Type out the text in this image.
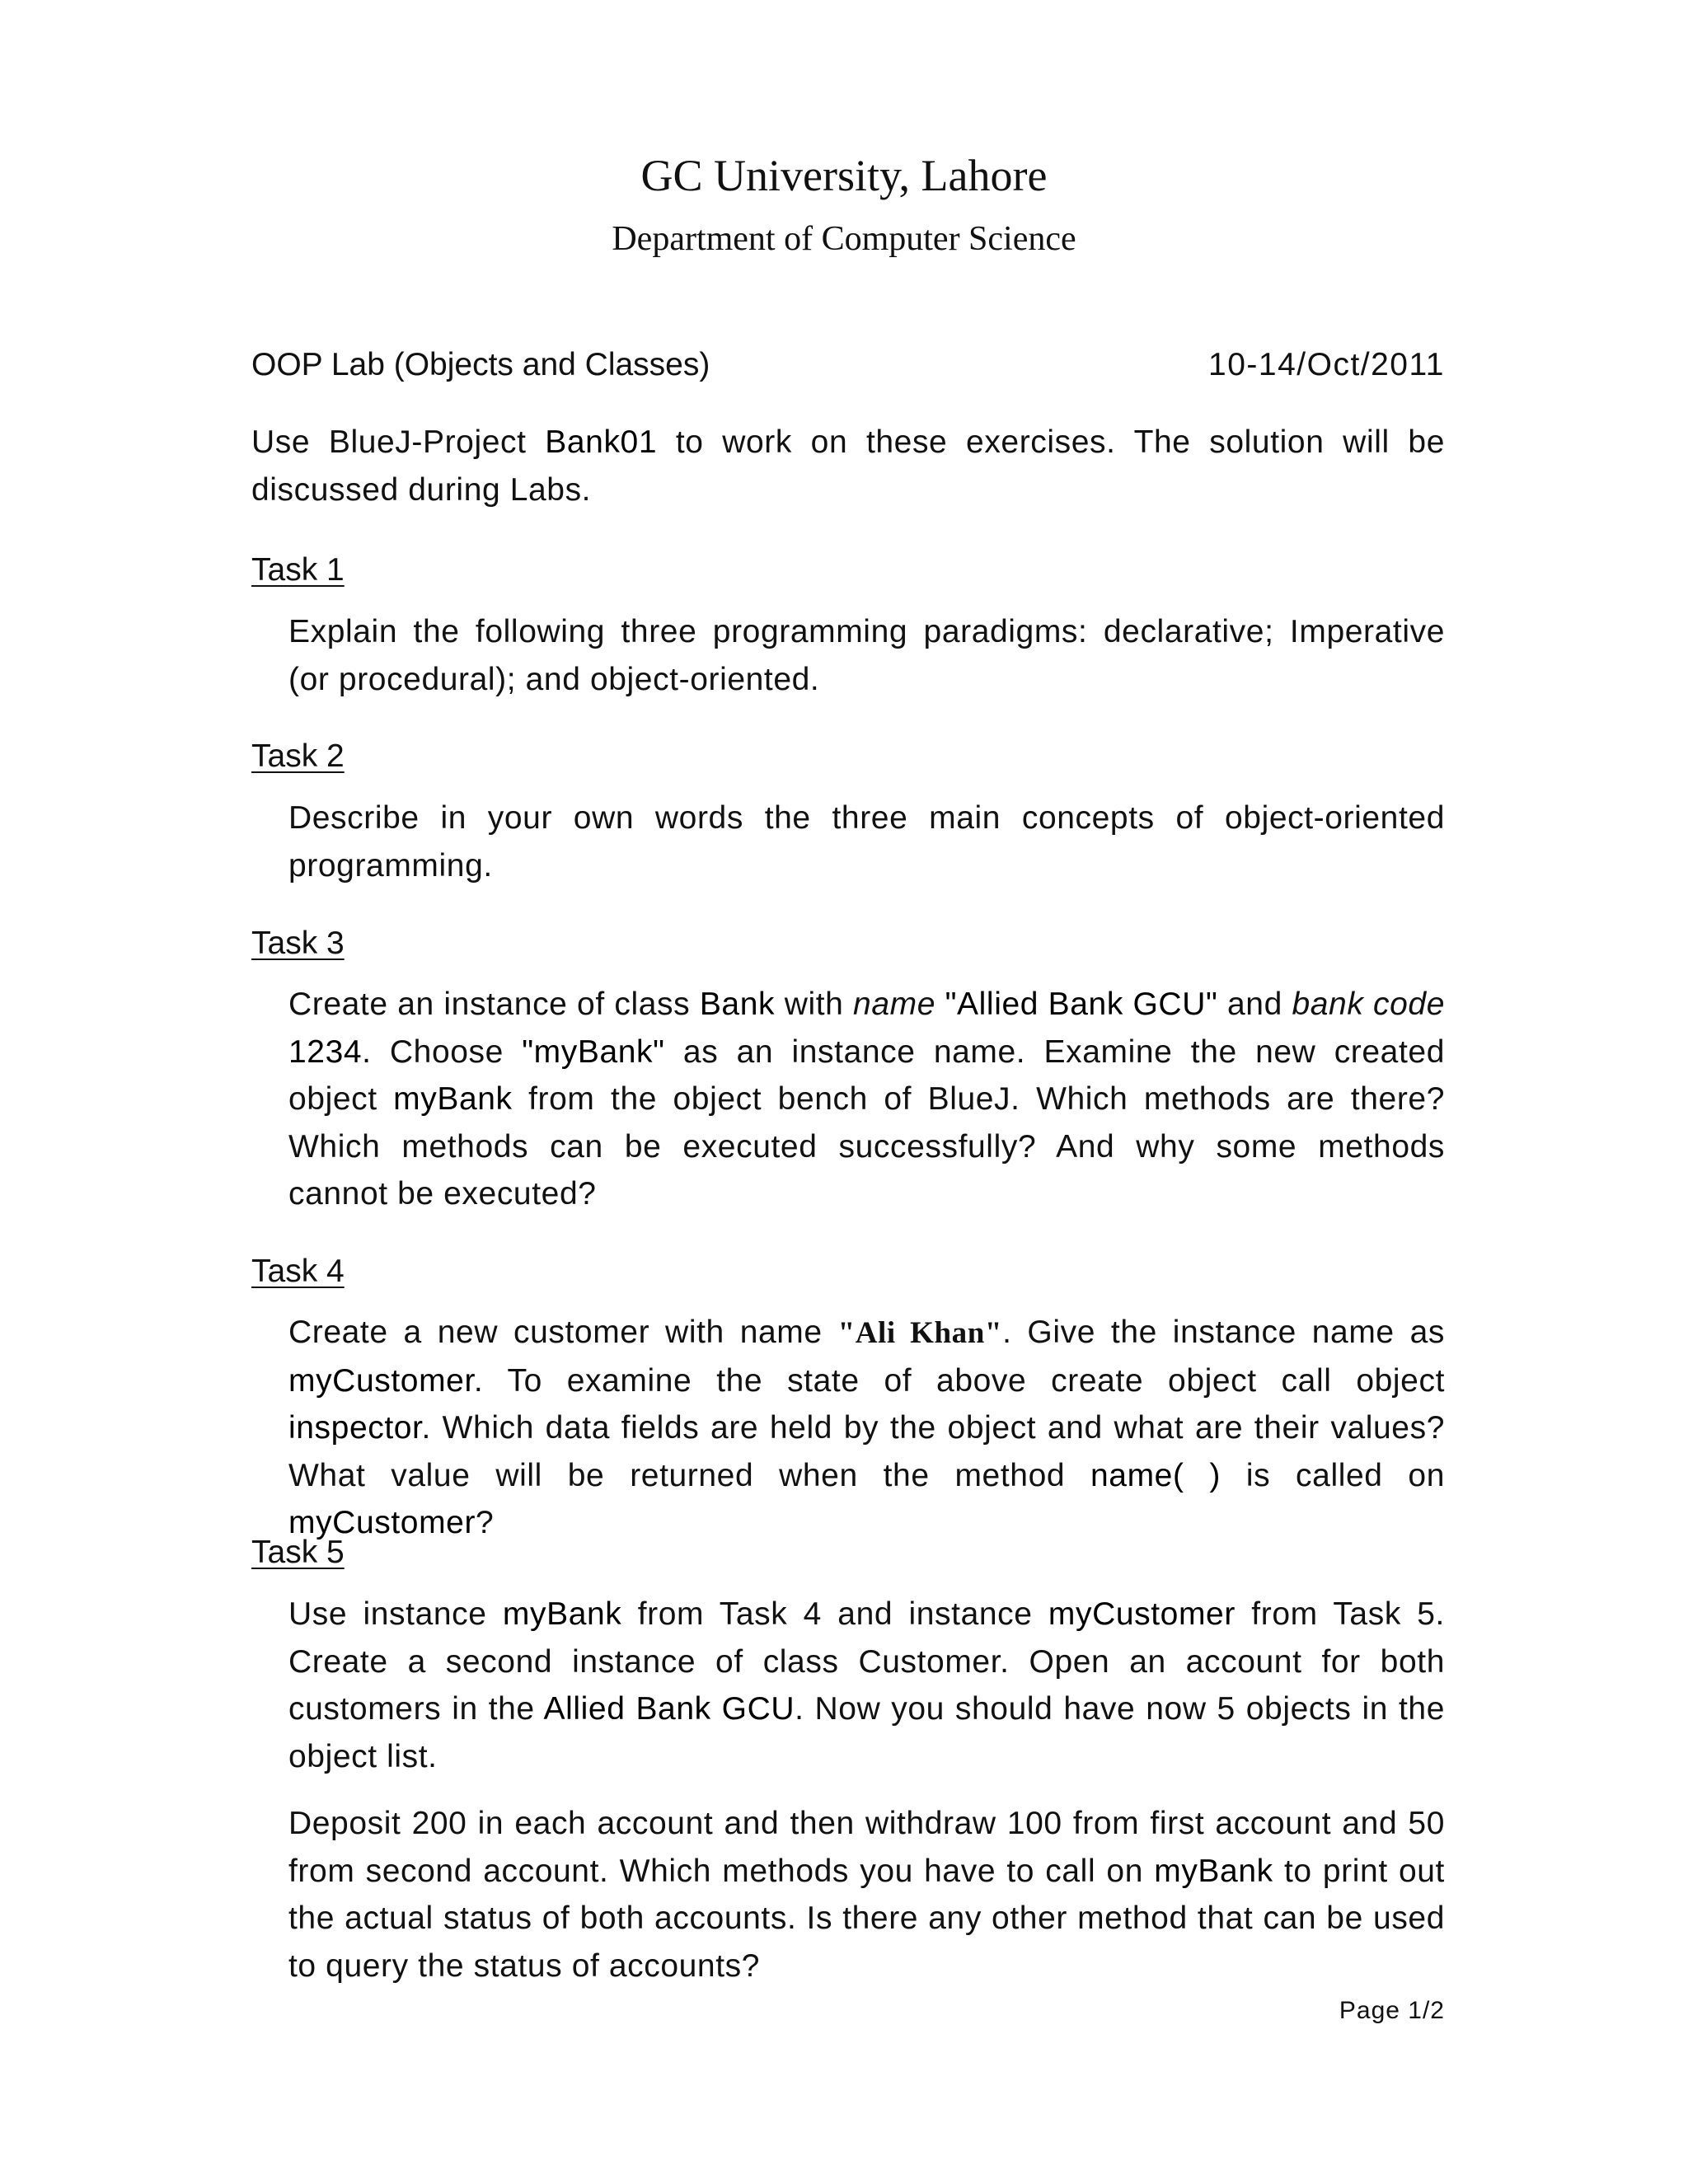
GC University, Lahore
Department of Computer Science
OOP Lab (Objects and Classes)	10-14/Oct/2011

Use BlueJ-Project Bank01 to work on these exercises. The solution will be discussed during Labs.

Task 1

Explain the following three programming paradigms: declarative; Imperative (or procedural); and object-oriented.

Task 2

Describe in your own words the three main concepts of object-oriented programming.

Task 3

Create an instance of class Bank with name "Allied Bank GCU" and bank code 1234. Choose "myBank" as an instance name. Examine the new created object myBank from the object bench of BlueJ. Which methods are there? Which methods can be executed successfully? And why some methods cannot be executed?

Task 4

Create a new customer with name "Ali Khan". Give the instance name as myCustomer. To examine the state of above create object call object inspector. Which data fields are held by the object and what are their values? What value will be returned when the method name( ) is called on myCustomer?

Task 5

Use instance myBank from Task 4 and instance myCustomer from Task 5. Create a second instance of class Customer. Open an account for both customers in the Allied Bank GCU. Now you should have now 5 objects in the object list.

Deposit 200 in each account and then withdraw 100 from first account and 50 from second account. Which methods you have to call on myBank to print out the actual status of both accounts. Is there any other method that can be used to query the status of accounts?

Page 1/2
